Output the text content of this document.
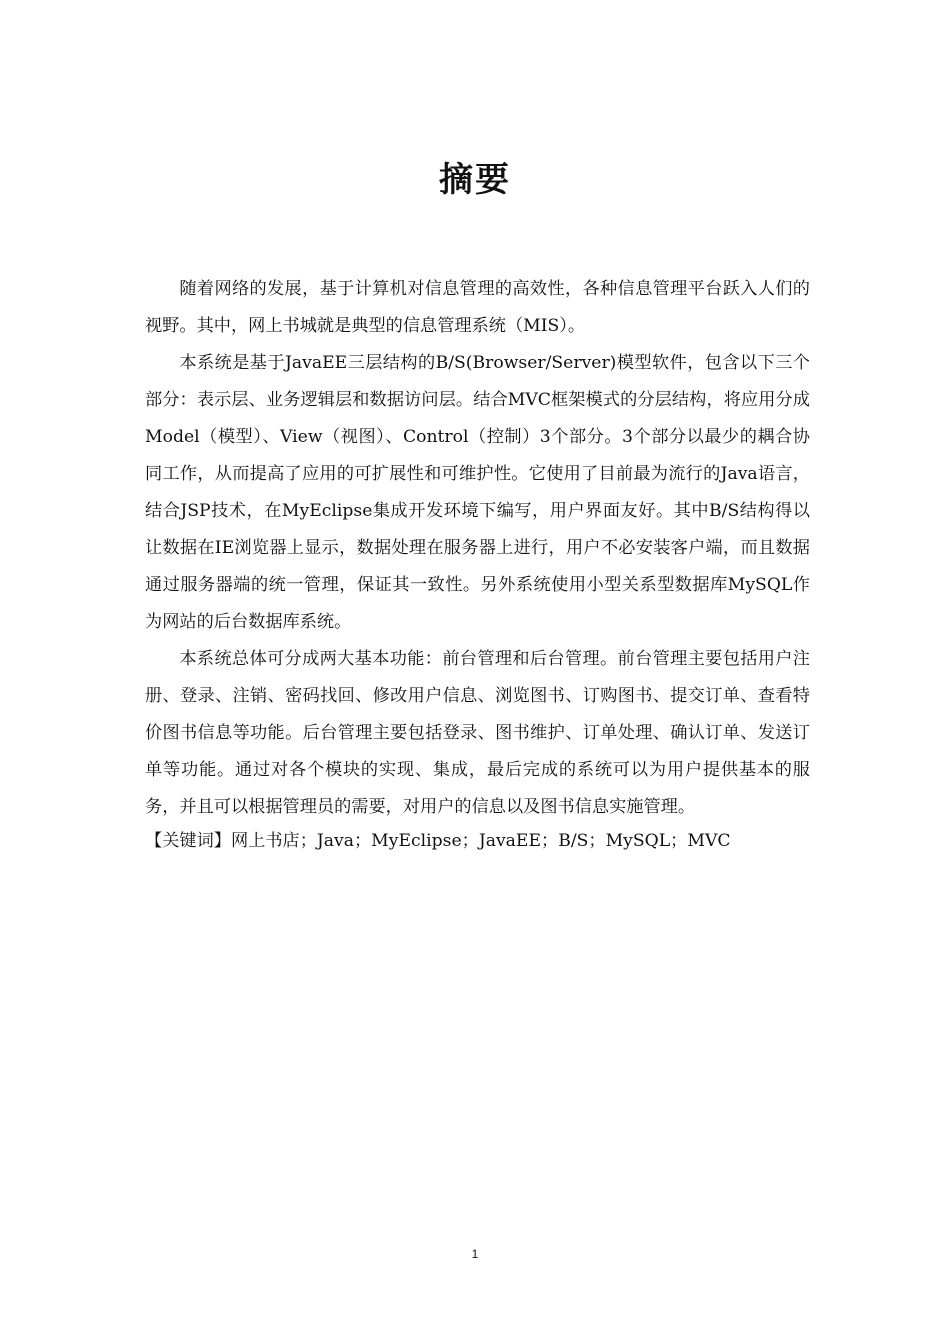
摘要

随着网络的发展，基于计算机对信息管理的高效性，各种信息管理平台跃入人们的视野。其中，网上书城就是典型的信息管理系统（MIS）。

本系统是基于JavaEE三层结构的B/S(Browser/Server)模型软件，包含以下三个部分：表示层、业务逻辑层和数据访问层。结合MVC框架模式的分层结构，将应用分成Model（模型）、View（视图）、Control（控制）3个部分。3个部分以最少的耦合协同工作，从而提高了应用的可扩展性和可维护性。它使用了目前最为流行的Java语言，结合JSP技术，在MyEclipse集成开发环境下编写，用户界面友好。其中B/S结构得以让数据在IE浏览器上显示，数据处理在服务器上进行，用户不必安装客户端，而且数据通过服务器端的统一管理，保证其一致性。另外系统使用小型关系型数据库MySQL作为网站的后台数据库系统。

本系统总体可分成两大基本功能：前台管理和后台管理。前台管理主要包括用户注册、登录、注销、密码找回、修改用户信息、浏览图书、订购图书、提交订单、查看特价图书信息等功能。后台管理主要包括登录、图书维护、订单处理、确认订单、发送订单等功能。通过对各个模块的实现、集成，最后完成的系统可以为用户提供基本的服务，并且可以根据管理员的需要，对用户的信息以及图书信息实施管理。

【关键词】网上书店；Java；MyEclipse；JavaEE；B/S；MySQL；MVC

1
